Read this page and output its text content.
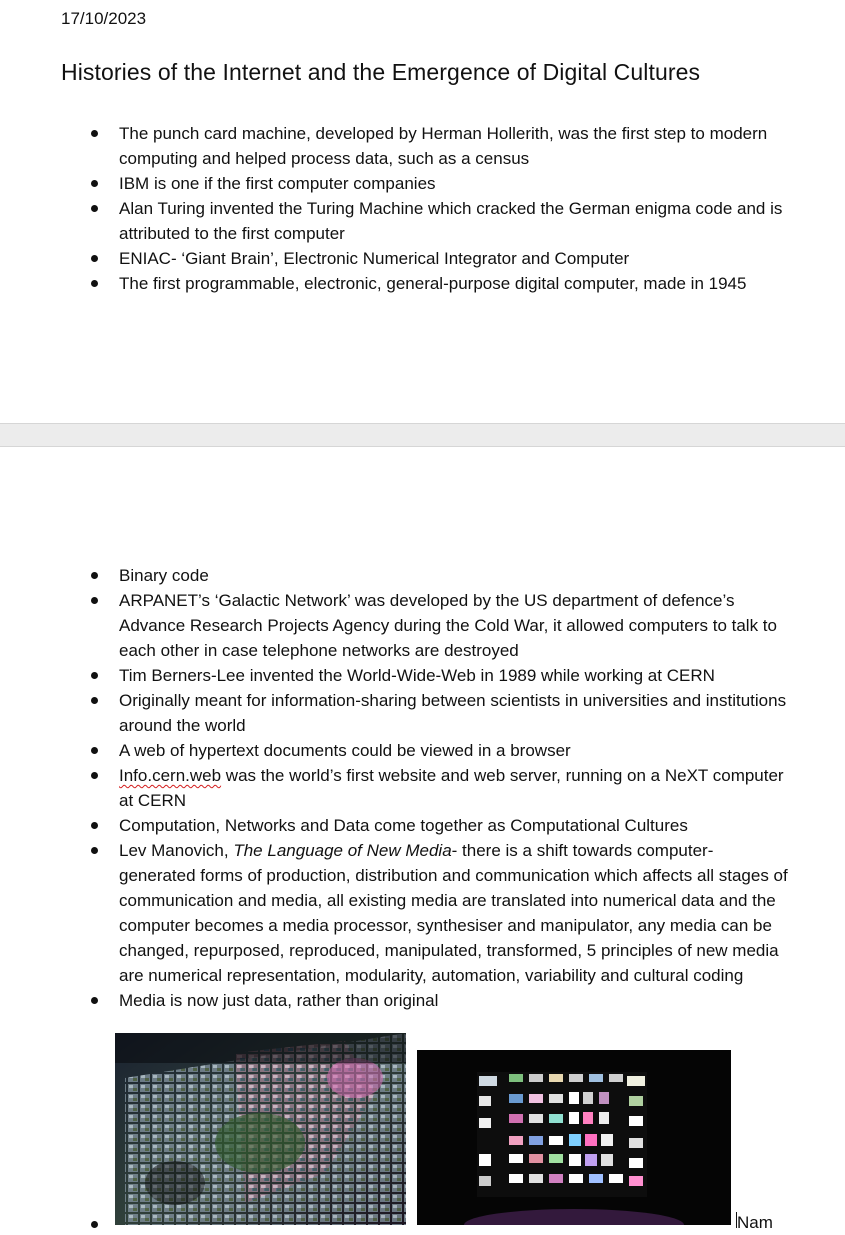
17/10/2023
Histories of the Internet and the Emergence of Digital Cultures
The punch card machine, developed by Herman Hollerith, was the first step to modern computing and helped process data, such as a census
IBM is one if the first computer companies
Alan Turing invented the Turing Machine which cracked the German enigma code and is attributed to the first computer
ENIAC- ‘Giant Brain’, Electronic Numerical Integrator and Computer
The first programmable, electronic, general-purpose digital computer, made in 1945
Binary code
ARPANET’s ‘Galactic Network’ was developed by the US department of defence’s Advance Research Projects Agency during the Cold War, it allowed computers to talk to each other in case telephone networks are destroyed
Tim Berners-Lee invented the World-Wide-Web in 1989 while working at CERN
Originally meant for information-sharing between scientists in universities and institutions around the world
A web of hypertext documents could be viewed in a browser
Info.cern.web was the world’s first website and web server, running on a NeXT computer at CERN
Computation, Networks and Data come together as Computational Cultures
Lev Manovich, The Language of New Media- there is a shift towards computer-generated forms of production, distribution and communication which affects all stages of communication and media, all existing media are translated into numerical data and the computer becomes a media processor, synthesiser and manipulator, any media can be changed, repurposed, reproduced, manipulated, transformed, 5 principles of new media are numerical representation, modularity, automation, variability and cultural coding
Media is now just data, rather than original
Nam
